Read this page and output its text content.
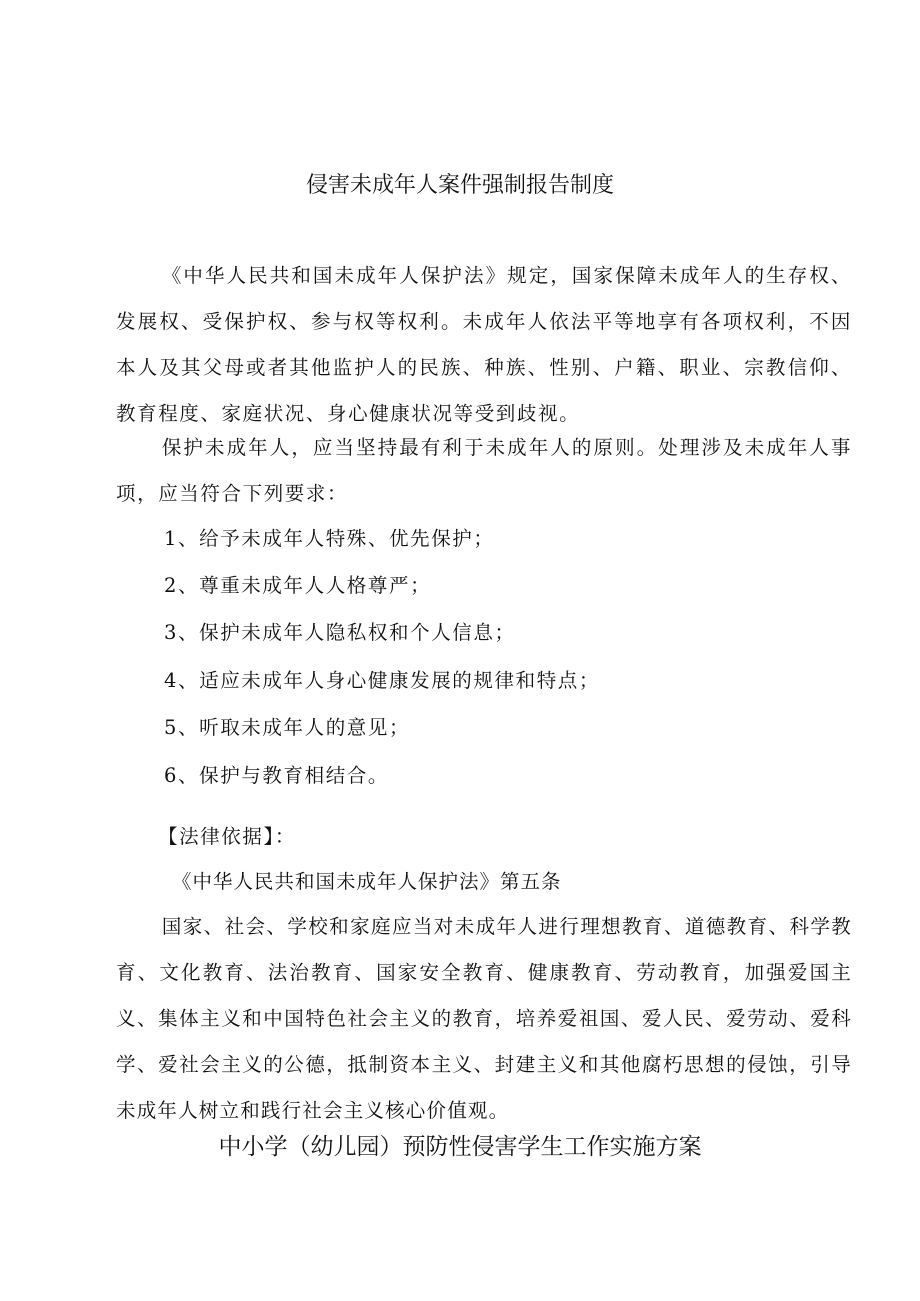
侵害未成年人案件强制报告制度

《中华人民共和国未成年人保护法》规定，国家保障未成年人的生存权、发展权、受保护权、参与权等权利。未成年人依法平等地享有各项权利，不因本人及其父母或者其他监护人的民族、种族、性别、户籍、职业、宗教信仰、教育程度、家庭状况、身心健康状况等受到歧视。

保护未成年人，应当坚持最有利于未成年人的原则。处理涉及未成年人事项，应当符合下列要求：

1、给予未成年人特殊、优先保护；

2、尊重未成年人人格尊严；

3、保护未成年人隐私权和个人信息；

4、适应未成年人身心健康发展的规律和特点；

5、听取未成年人的意见；

6、保护与教育相结合。

【法律依据】：

《中华人民共和国未成年人保护法》第五条

国家、社会、学校和家庭应当对未成年人进行理想教育、道德教育、科学教育、文化教育、法治教育、国家安全教育、健康教育、劳动教育，加强爱国主义、集体主义和中国特色社会主义的教育，培养爱祖国、爱人民、爱劳动、爱科学、爱社会主义的公德，抵制资本主义、封建主义和其他腐朽思想的侵蚀，引导未成年人树立和践行社会主义核心价值观。

中小学（幼儿园）预防性侵害学生工作实施方案
